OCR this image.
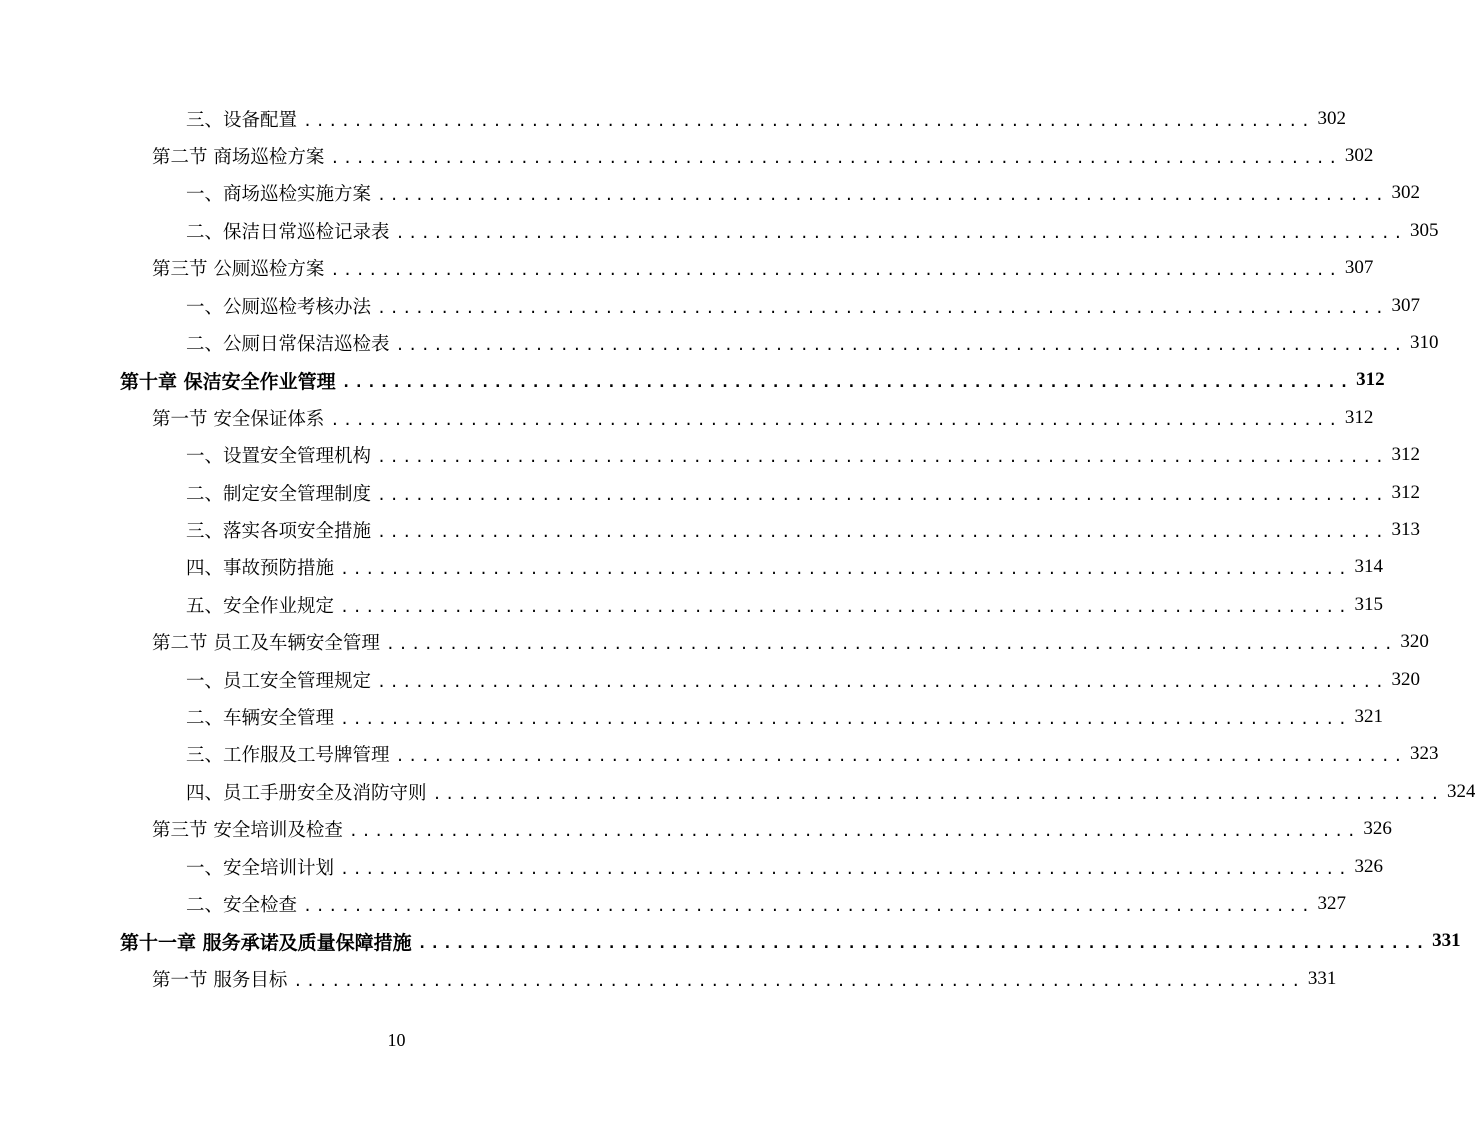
三、设备配置 ................................................................................ 302
第二节 商场巡检方案 ................................................................................ 302
一、商场巡检实施方案 ................................................................................ 302
二、保洁日常巡检记录表 ................................................................................ 305
第三节 公厕巡检方案 ................................................................................ 307
一、公厕巡检考核办法 ................................................................................ 307
二、公厕日常保洁巡检表 ................................................................................ 310
第十章 保洁安全作业管理 ................................................................................ 312
第一节 安全保证体系 ................................................................................ 312
一、设置安全管理机构 ................................................................................ 312
二、制定安全管理制度 ................................................................................ 312
三、落实各项安全措施 ................................................................................ 313
四、事故预防措施 ................................................................................ 314
五、安全作业规定 ................................................................................ 315
第二节 员工及车辆安全管理 ................................................................................ 320
一、员工安全管理规定 ................................................................................ 320
二、车辆安全管理 ................................................................................ 321
三、工作服及工号牌管理 ................................................................................ 323
四、员工手册安全及消防守则 ................................................................................ 324
第三节 安全培训及检查 ................................................................................ 326
一、安全培训计划 ................................................................................ 326
二、安全检查 ................................................................................ 327
第十一章 服务承诺及质量保障措施 ................................................................................ 331
第一节 服务目标 ................................................................................ 331
10
